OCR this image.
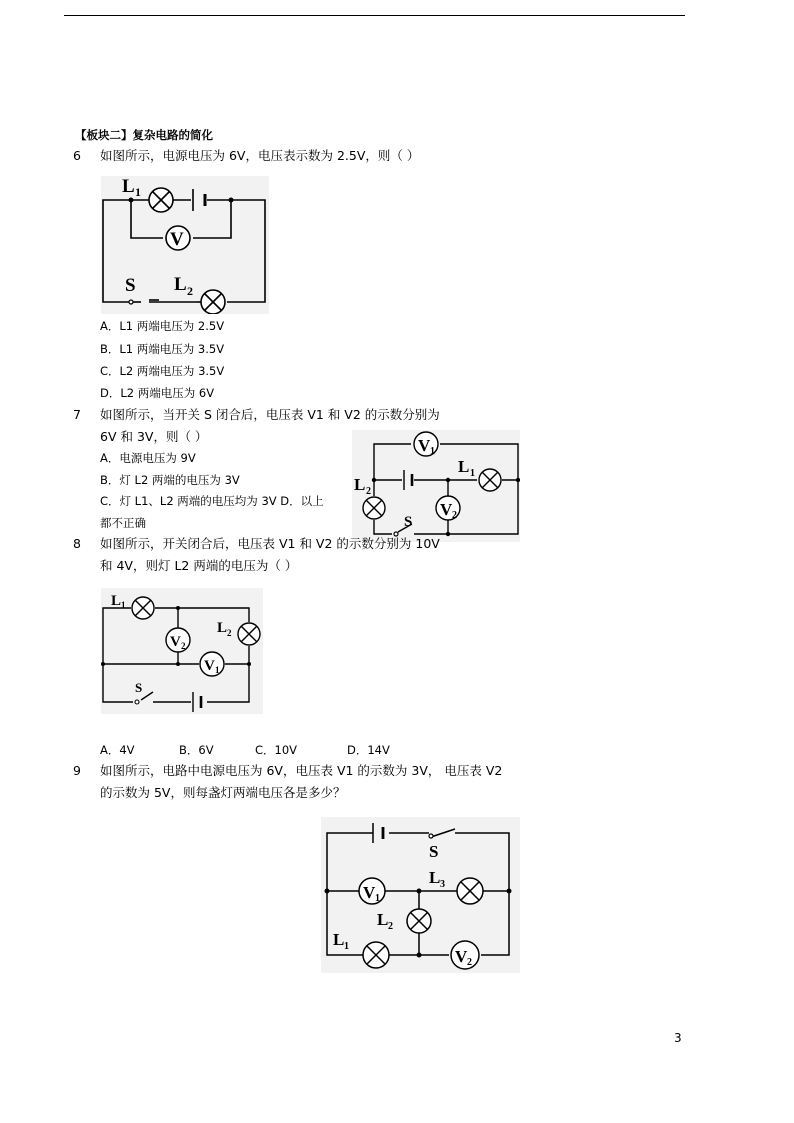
【板块二】复杂电路的简化
6 如图所示，电源电压为 6V，电压表示数为 2.5V，则（ ）
V
L 1
S L 2
A．L1 两端电压为 2.5V
B．L1 两端电压为 3.5V
C．L2 两端电压为 3.5V
D．L2 两端电压为 6V
7 如图所示，当开关 S 闭合后，电压表 V1 和 V2 的示数分别为
6V 和 3V，则（ ）
A．电源电压为 9V
B．灯 L2 两端的电压为 3V
C．灯 L1、L2 两端的电压均为 3V D．以上
都不正确
V 1
L 1
L 2
V 2
S
8 如图所示，开关闭合后，电压表 V1 和 V2 的示数分别为 10V
和 4V，则灯 L2 两端的电压为（ ）
L 1
V 2
L 2
V 1
S
A．4V	B．6V	C．10V	D．14V
9 如图所示，电路中电源电压为 6V，电压表 V1 的示数为 3V， 电压表 V2
的示数为 5V，则每盏灯两端电压各是多少？
S
V 1
L 3
L 2
L 1
V 2
3
